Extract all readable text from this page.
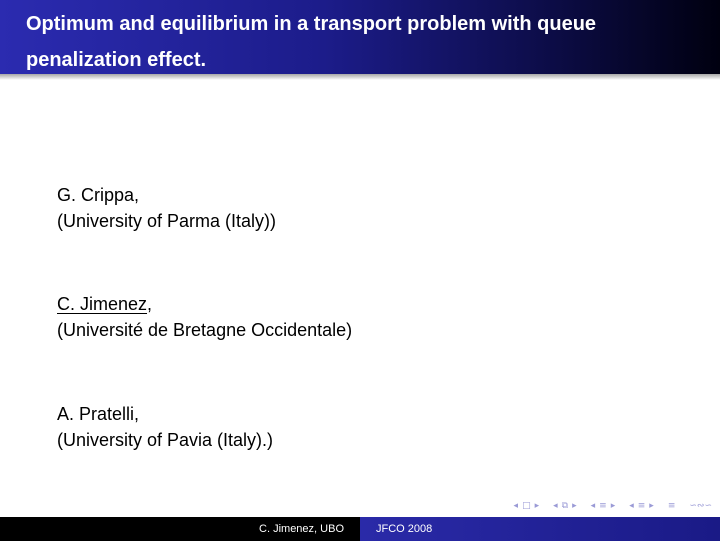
Optimum and equilibrium in a transport problem with queue penalization effect.
G. Crippa,
(University of Parma (Italy))
C. Jimenez,
(Université de Bretagne Occidentale)
A. Pratelli,
(University of Pavia (Italy).)
◂ □ ▸ ◂ ⧉ ▸ ◂ ≡ ▸ ◂ ≡ ▸ ≡ ∽∾∽
C. Jimenez, UBO	JFCO 2008
